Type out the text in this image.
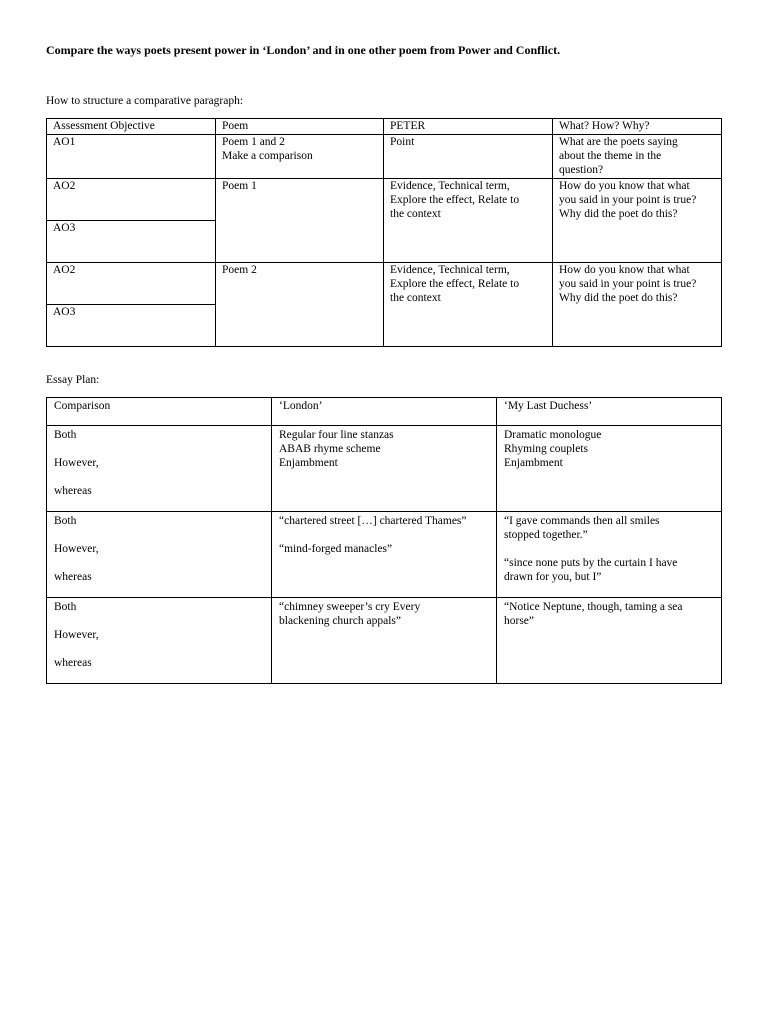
Compare the ways poets present power in ‘London’ and in one other poem from Power and Conflict.
How to structure a comparative paragraph:
Assessment Objective	Poem	PETER	What? How? Why?

AO1	Poem 1 and 2
Make a comparison	Point	What are the poets saying
about the theme in the
question?

AO2	Poem 1	Evidence, Technical term,
Explore the effect, Relate to
the context	How do you know that what
you said in your point is true?
Why did the poet do this?

AO3			

AO2	Poem 2	Evidence, Technical term,
Explore the effect, Relate to
the context	How do you know that what
you said in your point is true?
Why did the poet do this?

AO3			
Essay Plan:
Comparison	‘London’	‘My Last Duchess’

Both
However,
whereas	Regular four line stanzas
ABAB rhyme scheme
Enjambment	Dramatic monologue
Rhyming couplets
Enjambment

Both
However,
whereas	“chartered street […] chartered Thames”
“mind-forged manacles”	“I gave commands then all smiles
stopped together.”
“since none puts by the curtain I have
drawn for you, but I”

Both
However,
whereas	“chimney sweeper’s cry Every
blackening church appals”	“Notice Neptune, though, taming a sea
horse”
